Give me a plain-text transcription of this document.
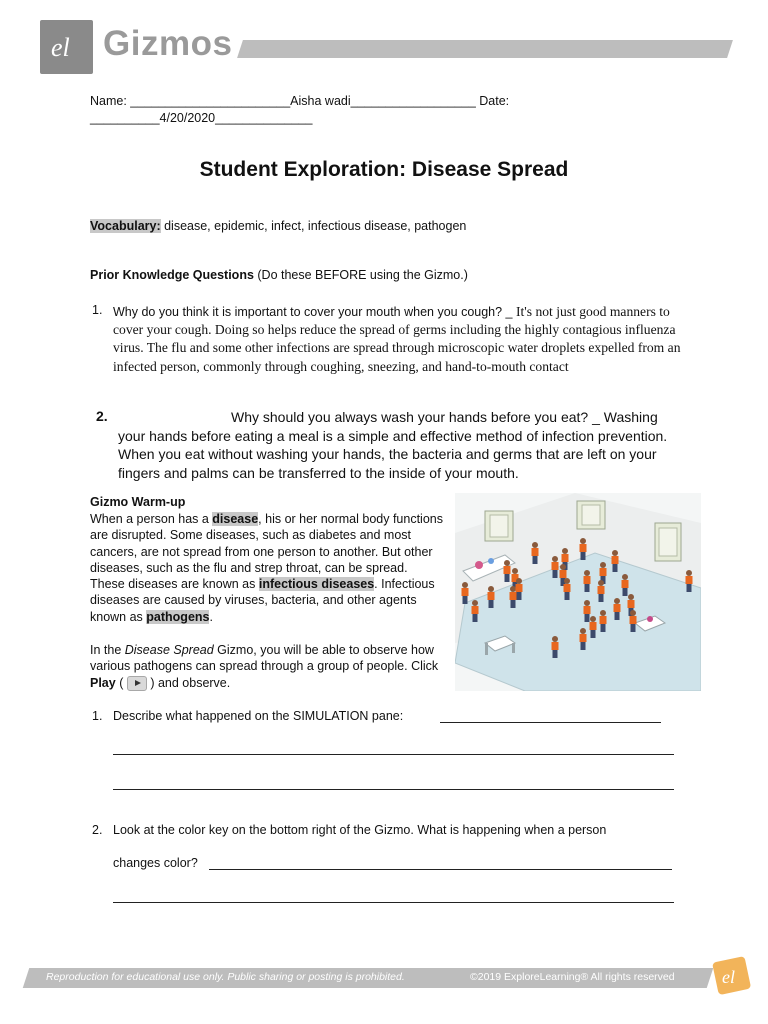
el Gizmos
Name: _______________________Aisha wadi__________________ Date:
__________4/20/2020______________
Student Exploration: Disease Spread
Vocabulary: disease, epidemic, infect, infectious disease, pathogen
Prior Knowledge Questions (Do these BEFORE using the Gizmo.)
1. Why do you think it is important to cover your mouth when you cough? _ It's not just good manners to cover your cough. Doing so helps reduce the spread of germs including the highly contagious influenza virus. The flu and some other infections are spread through microscopic water droplets expelled from an infected person, commonly through coughing, sneezing, and hand-to-mouth contact
2.	Why should you always wash your hands before you eat? _ Washing your hands before eating a meal is a simple and effective method of infection prevention. When you eat without washing your hands, the bacteria and germs that are left on your fingers and palms can be transferred to the inside of your mouth.
Gizmo Warm-up
When a person has a disease, his or her normal body functions are disrupted. Some diseases, such as diabetes and most cancers, are not spread from one person to another. But other diseases, such as the flu and strep throat, can be spread. These diseases are known as infectious diseases. Infectious diseases are caused by viruses, bacteria, and other agents known as pathogens.
In the Disease Spread Gizmo, you will be able to observe how various pathogens can spread through a group of people. Click Play ( ) and observe.
1. Describe what happened on the SIMULATION pane:
2. Look at the color key on the bottom right of the Gizmo. What is happening when a person
changes color?
Reproduction for educational use only. Public sharing or posting is prohibited.	©2019 ExploreLearning® All rights reserved	el
